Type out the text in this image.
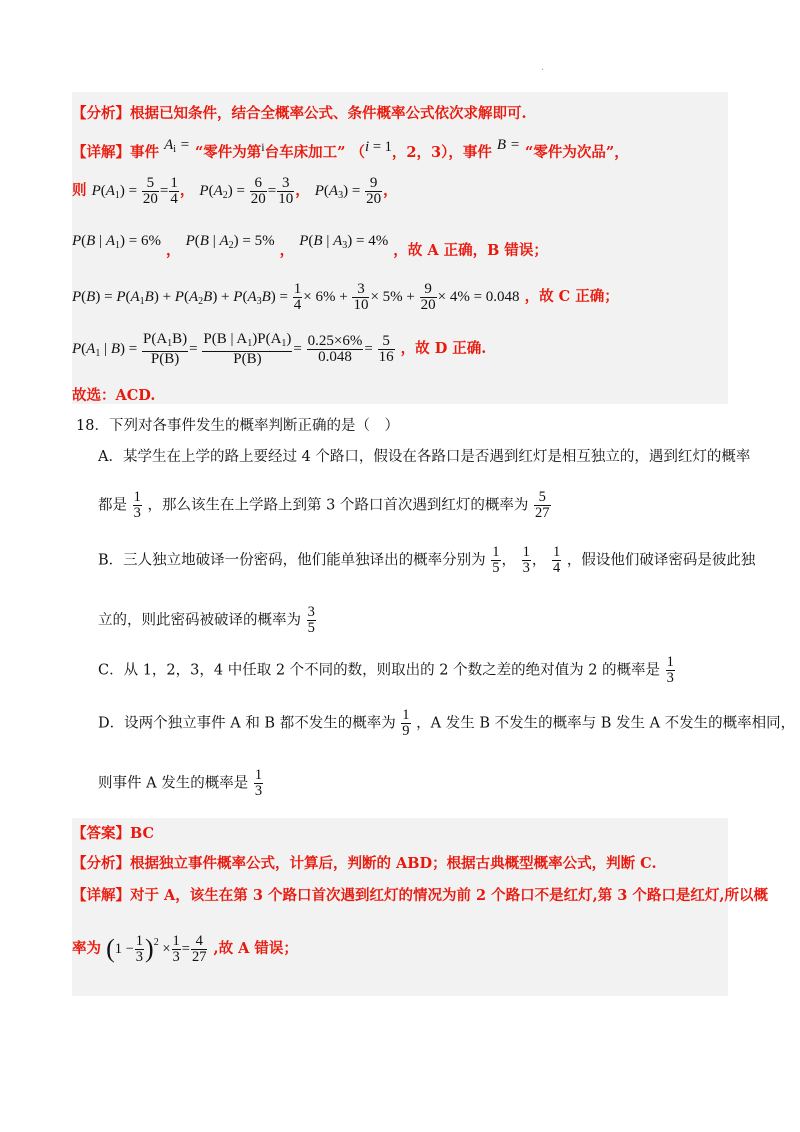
.
【分析】根据已知条件，结合全概率公式、条件概率公式依次求解即可.
【详解】事件 $A_i$ = “零件为第$^i$台车床加工” （i = 1，2，3），事件 B = “零件为次品”，
则 $P(A_1) = \frac{5}{20} = \frac{1}{4}$ ， $P(A_2) = \frac{6}{20} = \frac{3}{10}$ ， $P(A_3) = \frac{9}{20}$ ，
P(B | $A_1) = 6\%$ ， P(B | $A_2) = 5\%$ ， P(B | $A_3) = 4\%$ ，故 A 正确，B 错误；
$P(B) = P(A_1B) + P(A_2B) + P(A_3B) = \frac{1}{4} \times 6\% + \frac{3}{10} \times 5\% + \frac{9}{20} \times 4\% = 0.048$ ，故 C 正确；
$P(A_1$ | $B) = \frac{P(A_1B)}{P(B)} = \frac{P(B | A_1)P(A_1)}{P(B)} = \frac{0.25\times 6\%}{0.048} = \frac{5}{16}$ ，故 D 正确.
故选：ACD.
18．下列对各事件发生的概率判断正确的是（　）
A．某学生在上学的路上要经过 4 个路口，假设在各路口是否遇到红灯是相互独立的，遇到红灯的概率
都是 $\frac{1}{3}$ ，那么该生在上学路上到第 3 个路口首次遇到红灯的概率为 $\frac{5}{27}$
B．三人独立地破译一份密码，他们能单独译出的概率分别为 $\frac{1}{5}$ ， $\frac{1}{3}$ ， $\frac{1}{4}$ ，假设他们破译密码是彼此独
立的，则此密码被破译的概率为 $\frac{3}{5}$
C．从 1，2，3，4 中任取 2 个不同的数，则取出的 2 个数之差的绝对值为 2 的概率是 $\frac{1}{3}$
D．设两个独立事件 A 和 B 都不发生的概率为 $\frac{1}{9}$ ，A 发生 B 不发生的概率与 B 发生 A 不发生的概率相同，
则事件 A 发生的概率是 $\frac{1}{3}$
【答案】BC
【分析】根据独立事件概率公式，计算后，判断的 ABD；根据古典概型概率公式，判断 C.
【详解】对于 A，该生在第 3 个路口首次遇到红灯的情况为前 2 个路口不是红灯,第 3 个路口是红灯,所以概
率为 $(1 - \frac{1}{3} )^2 \times \frac{1}{3} = \frac{4}{27}$ ,故 A 错误；
